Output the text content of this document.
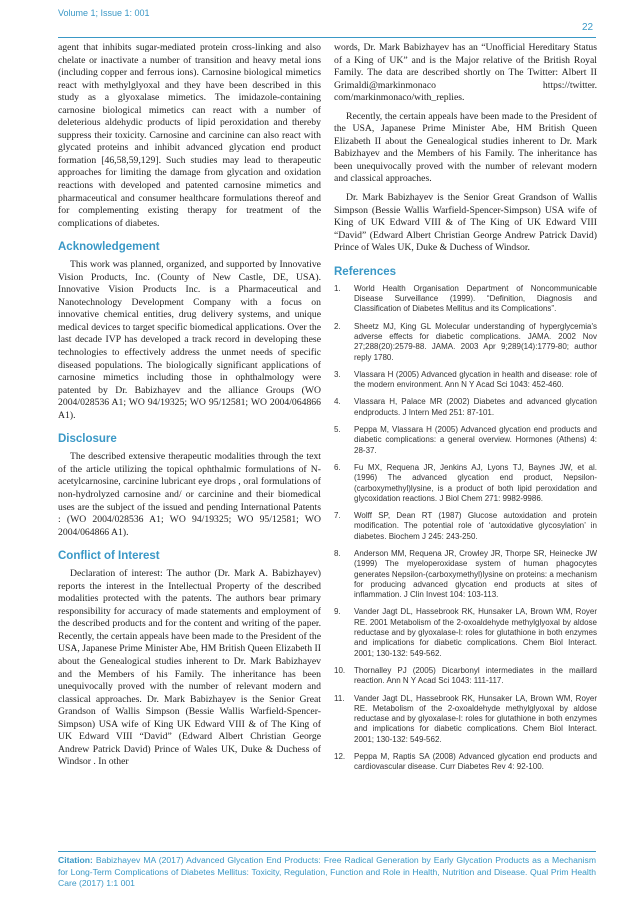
Volume 1; Issue 1: 001
22

agent that inhibits sugar-mediated protein cross-linking and also chelate or inactivate a number of transition and heavy metal ions (including copper and ferrous ions). Carnosine biological mimetics react with methylglyoxal and they have been described in this study as a glyoxalase mimetics. The imidazole-containing carnosine biological mimetics can react with a number of deleterious aldehydic products of lipid peroxidation and thereby suppress their toxicity. Carnosine and carcinine can also react with glycated proteins and inhibit advanced glycation end product formation [46,58,59,129]. Such studies may lead to therapeutic approaches for limiting the damage from glycation and oxidation reactions with developed and patented carnosine mimetics and pharmaceutical and consumer healthcare formulations thereof and for complementing existing therapy for treatment of the complications of diabetes.

Acknowledgement

This work was planned, organized, and supported by Innovative Vision Products, Inc. (County of New Castle, DE, USA). Innovative Vision Products Inc. is a Pharmaceutical and Nanotechnology Development Company with a focus on innovative chemical entities, drug delivery systems, and unique medical devices to target specific biomedical applications. Over the last decade IVP has developed a track record in developing these technologies to effectively address the unmet needs of specific diseased populations. The biologically significant applications of carnosine mimetics including those in ophthalmology were patented by Dr. Babizhayev and the alliance Groups (WO 2004/028536 A1; WO 94/19325; WO 95/12581; WO 2004/064866 A1).

Disclosure

The described extensive therapeutic modalities through the text of the article utilizing the topical ophthalmic formulations of N-acetylcarnosine, carcinine lubricant eye drops , oral formulations of non-hydrolyzed carnosine and/ or carcinine and their biomedical uses are the subject of the issued and pending International Patents : (WO 2004/028536 A1; WO 94/19325; WO 95/12581; WO 2004/064866 A1).

Conflict of Interest

Declaration of interest: The author (Dr. Mark A. Babizhayev) reports the interest in the Intellectual Property of the described modalities protected with the patents. The authors bear primary responsibility for accuracy of made statements and employment of the described products and for the content and writing of the paper. Recently, the certain appeals have been made to the President of the USA, Japanese Prime Minister Abe, HM British Queen Elizabeth II about the Genealogical studies inherent to Dr. Mark Babizhayev and the Members of his Family. The inheritance has been unequivocally proved with the number of relevant modern and classical approaches. Dr. Mark Babizhayev is the Senior Great Grandson of Wallis Simpson (Bessie Wallis Warfield-Spencer-Simpson) USA wife of King UK Edward VIII & of The King of UK Edward VIII “David” (Edward Albert Christian George Andrew Patrick David) Prince of Wales UK, Duke & Duchess of Windsor . In other

words, Dr. Mark Babizhayev has an “Unofficial Hereditary Status of a King of UK” and is the Major relative of the British Royal Family. The data are described shortly on The Twitter: Albert II Grimaldi@markinmonaco https://twitter. com/markinmonaco/with_replies.

Recently, the certain appeals have been made to the President of the USA, Japanese Prime Minister Abe, HM British Queen Elizabeth II about the Genealogical studies inherent to Dr. Mark Babizhayev and the Members of his Family. The inheritance has been unequivocally proved with the number of relevant modern and classical approaches.

Dr. Mark Babizhayev is the Senior Great Grandson of Wallis Simpson (Bessie Wallis Warfield-Spencer-Simpson) USA wife of King of UK Edward VIII & of The King of UK Edward VIII “David” (Edward Albert Christian George Andrew Patrick David) Prince of Wales UK, Duke & Duchess of Windsor.

References
1.	World Health Organisation Department of Noncommunicable Disease Surveillance (1999). “Definition, Diagnosis and Classification of Diabetes Mellitus and its Complications”.
2.	Sheetz MJ, King GL Molecular understanding of hyperglycemia's adverse effects for diabetic complications. JAMA. 2002 Nov 27;288(20):2579-88. JAMA. 2003 Apr 9;289(14):1779-80; author reply 1780.
3.	Vlassara H (2005) Advanced glycation in health and disease: role of the modern environment. Ann N Y Acad Sci 1043: 452-460.
4.	Vlassara H, Palace MR (2002) Diabetes and advanced glycation endproducts. J Intern Med 251: 87-101.
5.	Peppa M, Vlassara H (2005) Advanced glycation end products and diabetic complications: a general overview. Hormones (Athens) 4: 28-37.
6.	Fu MX, Requena JR, Jenkins AJ, Lyons TJ, Baynes JW, et al. (1996) The advanced glycation end product, Nepsilon-(carboxymethyl)lysine, is a product of both lipid peroxidation and glycoxidation reactions. J Biol Chem 271: 9982-9986.
7.	Wolff SP, Dean RT (1987) Glucose autoxidation and protein modification. The potential role of ‘autoxidative glycosylation’ in diabetes. Biochem J 245: 243-250.
8.	Anderson MM, Requena JR, Crowley JR, Thorpe SR, Heinecke JW (1999) The myeloperoxidase system of human phagocytes generates Nepsilon-(carboxymethyl)lysine on proteins: a mechanism for producing advanced glycation end products at sites of inflammation. J Clin Invest 104: 103-113.
9.	Vander Jagt DL, Hassebrook RK, Hunsaker LA, Brown WM, Royer RE. 2001 Metabolism of the 2-oxoaldehyde methylglyoxal by aldose reductase and by glyoxalase-I: roles for glutathione in both enzymes and implications for diabetic complications. Chem Biol Interact. 2001; 130-132: 549-562.
10.	Thornalley PJ (2005) Dicarbonyl intermediates in the maillard reaction. Ann N Y Acad Sci 1043: 111-117.
11.	Vander Jagt DL, Hassebrook RK, Hunsaker LA, Brown WM, Royer RE. Metabolism of the 2-oxoaldehyde methylglyoxal by aldose reductase and by glyoxalase-I: roles for glutathione in both enzymes and implications for diabetic complications. Chem Biol Interact. 2001; 130-132: 549-562.
12.	Peppa M, Raptis SA (2008) Advanced glycation end products and cardiovascular disease. Curr Diabetes Rev 4: 92-100.
Citation: Babizhayev MA (2017) Advanced Glycation End Products: Free Radical Generation by Early Glycation Products as a Mechanism for Long-Term Complications of Diabetes Mellitus: Toxicity, Regulation, Function and Role in Health, Nutrition and Disease. Qual Prim Health Care (2017) 1:1 001
